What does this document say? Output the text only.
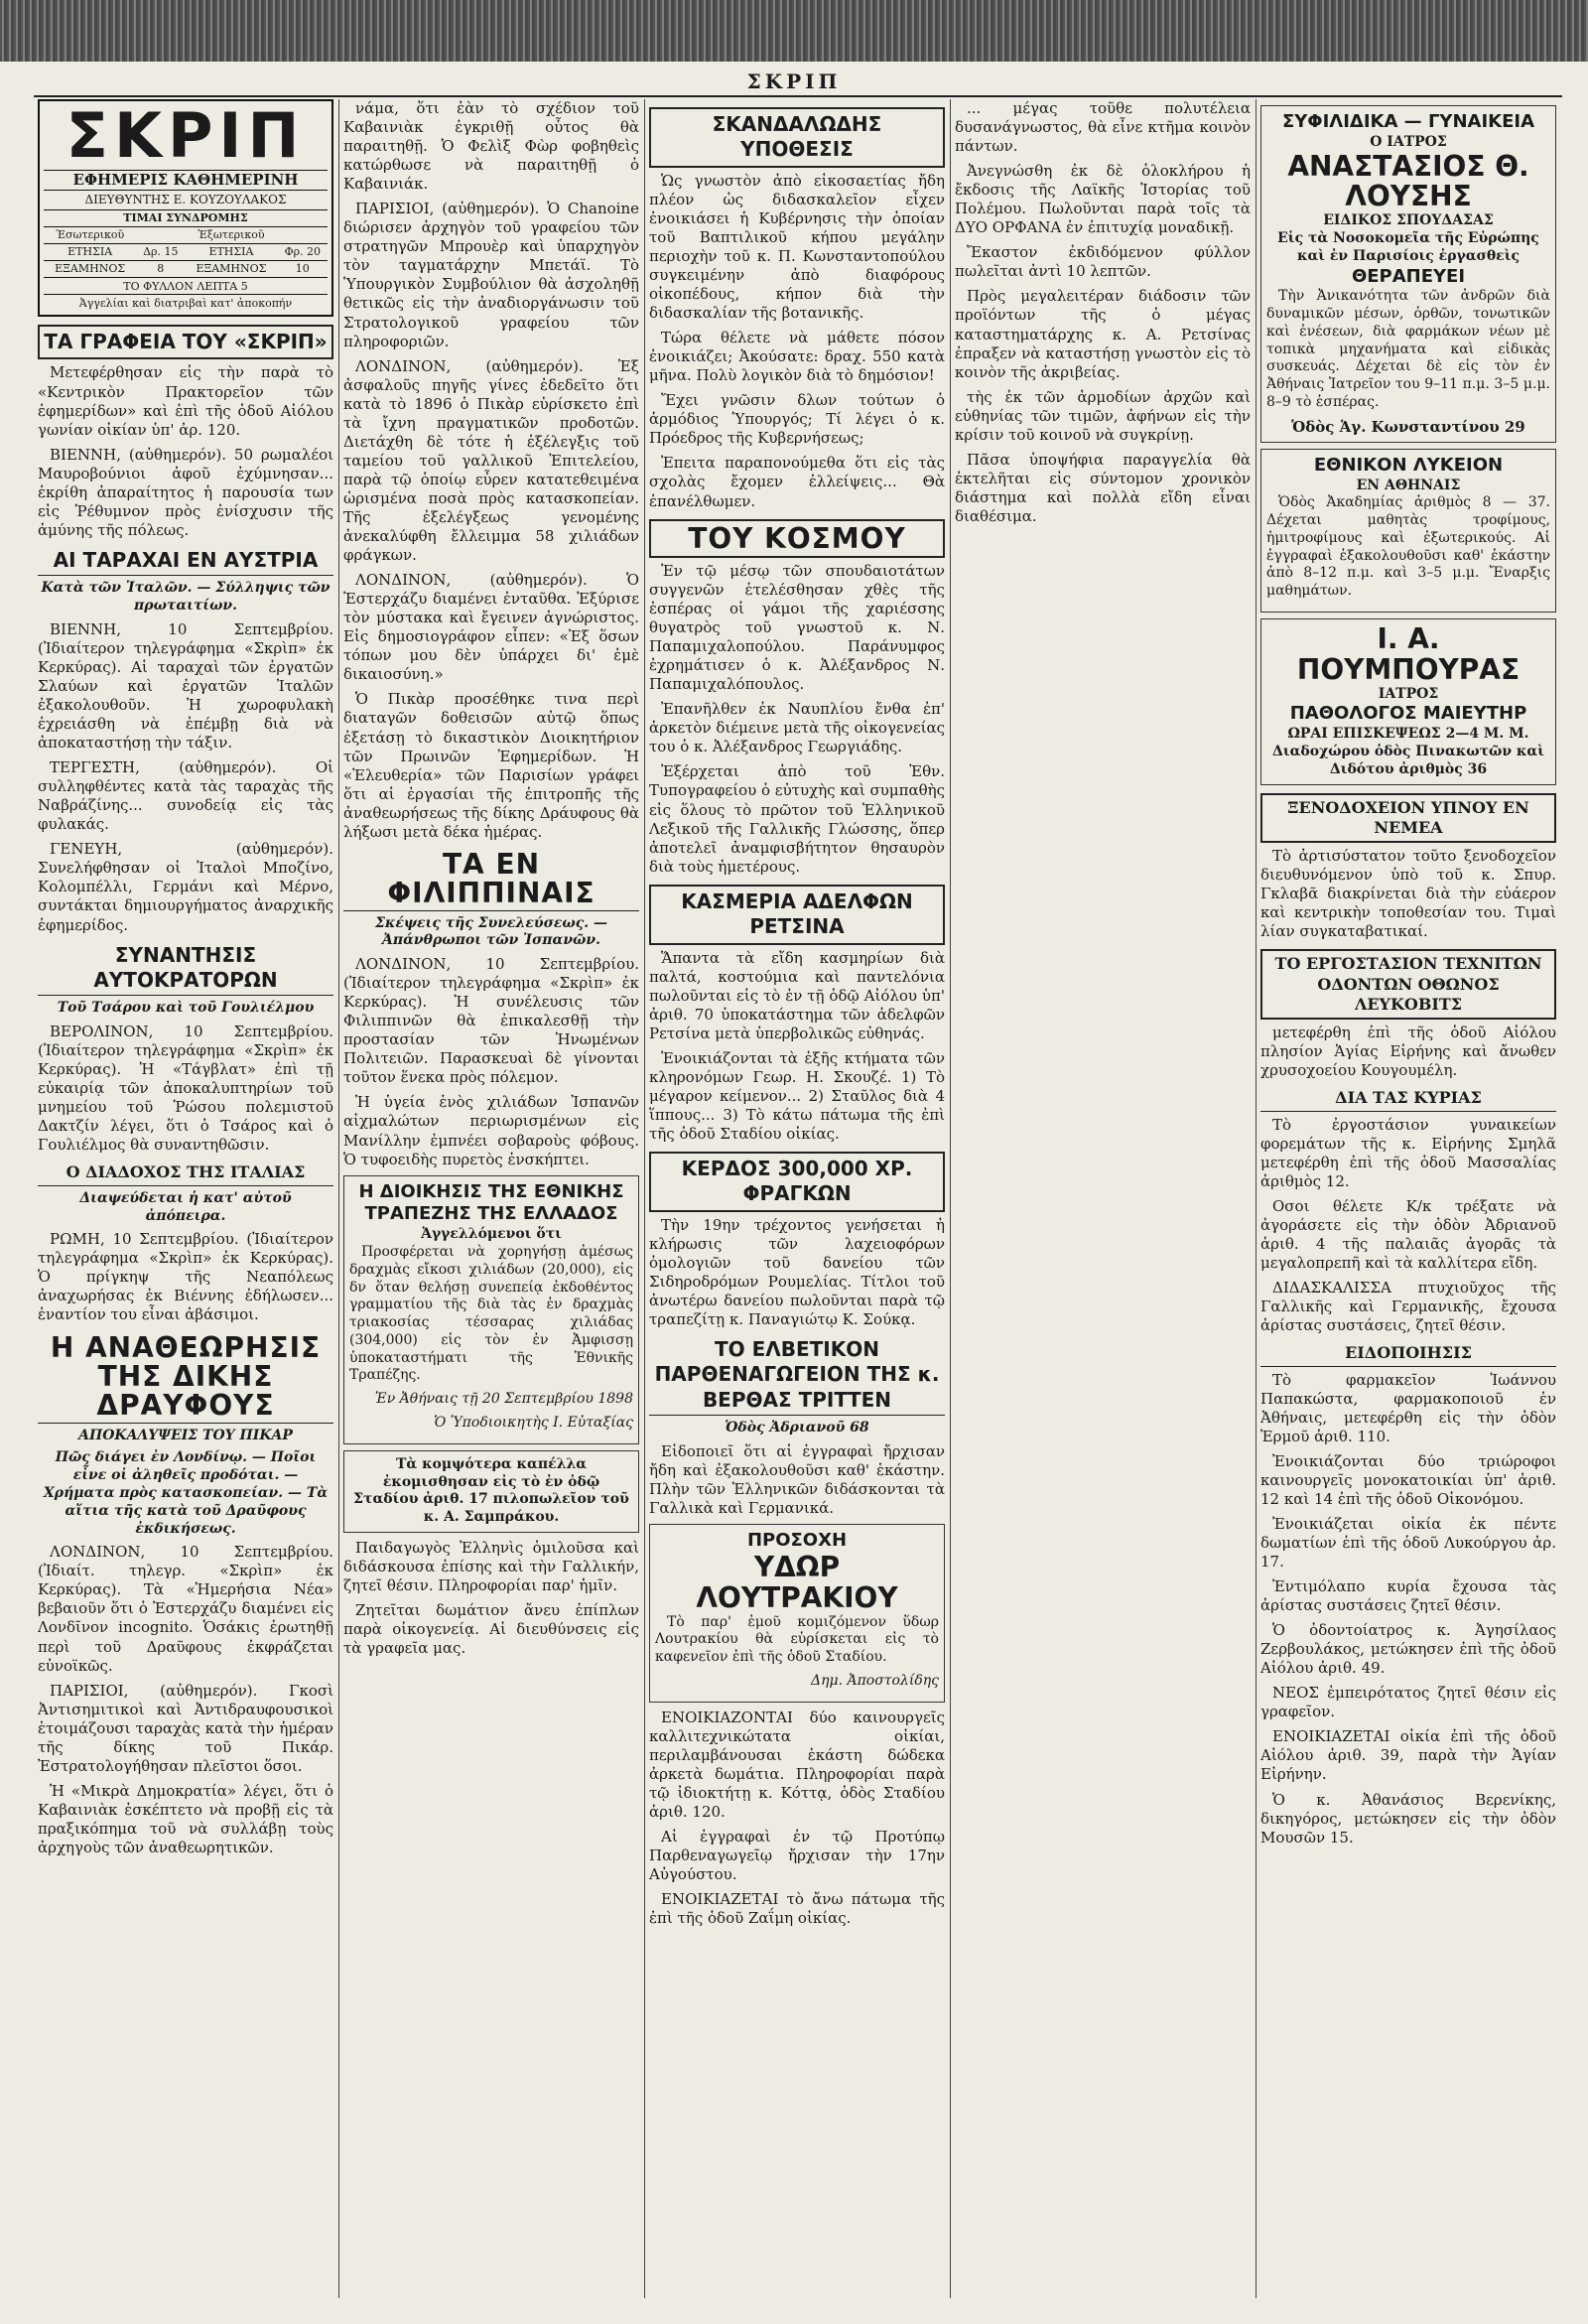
ΣΚΡΙΠ
ΣΚΡΙΠ
ΕΦΗΜΕΡΙΣ ΚΑΘΗΜΕΡΙΝΗ
ΔΙΕΥΘΥΝΤΗΣ Ε. ΚΟΥΖΟΥΛΑΚΟΣ
ΤΙΜΑΙ ΣΥΝΔΡΟΜΗΣ			
Έσωτερικοῦ		Ἐξωτερικοῦ	
ΕΤΗΣΙΑ	Δρ. 15	ΕΤΗΣΙΑ	Φρ. 20
ΕΞΑΜΗΝΟΣ	8	ΕΞΑΜΗΝΟΣ	10
ΤΟ ΦΥΛΛΟΝ ΛΕΠΤΑ 5
Ἀγγελίαι καὶ διατριβαὶ κατ' ἀποκοπήν
ΤΑ ΓΡΑΦΕΙΑ ΤΟΥ «ΣΚΡΙΠ»

Μετεφέρθησαν εἰς τὴν παρὰ τὸ «Κεντρικὸν Πρακτορεῖον τῶν ἐφημερίδων» καὶ ἐπὶ τῆς ὁδοῦ Αἰόλου γωνίαν οἰκίαν ὑπ' ἀρ. 120.

ΒΙΕΝΝΗ, (αὐθημερόν). 50 ρωμαλέοι Μαυροβούνιοι ἀφοῦ ἐχύμνησαν... ἐκρίθη ἀπαραίτητος ἡ παρουσία των εἰς Ῥέθυμνον πρὸς ἐνίσχυσιν τῆς ἀμύνης τῆς πόλεως.

ΑΙ ΤΑΡΑΧΑΙ ΕΝ ΑΥΣΤΡΙΑ
Κατὰ τῶν Ἰταλῶν. — Σύλληψις τῶν πρωταιτίων.

ΒΙΕΝΝΗ, 10 Σεπτεμβρίου. (Ἰδιαίτερον τηλεγράφημα «Σκρὶπ» ἐκ Κερκύρας). Αἱ ταραχαὶ τῶν ἐργατῶν Σλαύων καὶ ἐργατῶν Ἰταλῶν ἐξακολουθοῦν. Ἡ χωροφυλακὴ ἐχρειάσθη νὰ ἐπέμβῃ διὰ νὰ ἀποκαταστήσῃ τὴν τάξιν.

ΤΕΡΓΕΣΤΗ, (αὐθημερόν). Οἱ συλληφθέντες κατὰ τὰς ταραχὰς τῆς Ναβράζίνης... συνοδείᾳ εἰς τὰς φυλακάς.

ΓΕΝΕΥΗ, (αὐθημερόν). Συνελήφθησαν οἱ Ἰταλοὶ Μποζίνο, Κολομπέλλι, Γερμάνι καὶ Μέρνο, συντάκται δημιουργήματος ἀναρχικῆς ἐφημερίδος.

ΣΥΝΑΝΤΗΣΙΣ ΑΥΤΟΚΡΑΤΟΡΩΝ
Τοῦ Τσάρου καὶ τοῦ Γουλιέλμου

ΒΕΡΟΛΙΝΟΝ, 10 Σεπτεμβρίου. (Ἰδιαίτερον τηλεγράφημα «Σκρὶπ» ἐκ Κερκύρας). Ἡ «Τάγβλατ» ἐπὶ τῇ εὐκαιρίᾳ τῶν ἀποκαλυπτηρίων τοῦ μνημείου τοῦ Ῥώσου πολεμιστοῦ Δακτζίν λέγει, ὅτι ὁ Τσάρος καὶ ὁ Γουλιέλμος θὰ συναντηθῶσιν.

Ο ΔΙΑΔΟΧΟΣ ΤΗΣ ΙΤΑΛΙΑΣ
Διαψεύδεται ἡ κατ' αὐτοῦ ἀπόπειρα.

ΡΩΜΗ, 10 Σεπτεμβρίου. (Ἰδιαίτερον τηλεγράφημα «Σκρὶπ» ἐκ Κερκύρας). Ὁ πρίγκηψ τῆς Νεαπόλεως ἀναχωρήσας ἐκ Βιέννης ἐδήλωσεν... ἐναντίον του εἶναι ἀβάσιμοι.

Η ΑΝΑΘΕΩΡΗΣΙΣ ΤΗΣ ΔΙΚΗΣ ΔΡΑΥΦΟΥΣ
ΑΠΟΚΑΛΥΨΕΙΣ ΤΟΥ ΠΙΚΑΡ
Πῶς διάγει ἐν Λονδίνῳ. — Ποῖοι εἶνε οἱ ἀληθεῖς προδόται. — Χρήματα πρὸς κατασκοπείαν. — Τὰ αἴτια τῆς κατὰ τοῦ Δραῦφους ἐκδικήσεως.

ΛΟΝΔΙΝΟΝ, 10 Σεπτεμβρίου. (Ἰδιαίτ. τηλεγρ. «Σκρὶπ» ἐκ Κερκύρας). Τὰ «Ἡμερήσια Νέα» βεβαιοῦν ὅτι ὁ Ἐστερχάζυ διαμένει εἰς Λονδῖνον incognito. Ὁσάκις ἐρωτηθῇ περὶ τοῦ Δραῦφους ἐκφράζεται εὐνοϊκῶς.

ΠΑΡΙΣΙΟΙ, (αὐθημερόν). Γκοσὶ Ἀντισημιτικοὶ καὶ Ἀντιδραυφουσικοὶ ἑτοιμάζουσι ταραχὰς κατὰ τὴν ἡμέραν τῆς δίκης τοῦ Πικάρ. Ἐστρατολογήθησαν πλεῖστοι ὅσοι.

Ἡ «Μικρὰ Δημοκρατία» λέγει, ὅτι ὁ Καβαινιὰκ ἐσκέπτετο νὰ προβῇ εἰς τὰ πραξικόπημα τοῦ νὰ συλλάβῃ τοὺς ἀρχηγοὺς τῶν ἀναθεωρητικῶν.

νάμα, ὅτι ἐὰν τὸ σχέδιον τοῦ Καβαινιὰκ ἐγκριθῇ οὗτος θὰ παραιτηθῇ. Ὁ Φελὶξ Φὼρ φοβηθεὶς κατώρθωσε νὰ παραιτηθῇ ὁ Καβαινιάκ.

ΠΑΡΙΣΙΟΙ, (αὐθημερόν). Ὁ Chanoine διώρισεν ἀρχηγὸν τοῦ γραφείου τῶν στρατηγῶν Μπρουὲρ καὶ ὑπαρχηγὸν τὸν ταγματάρχην Μπετάϊ. Τὸ Ὑπουργικὸν Συμβούλιον θὰ ἀσχοληθῇ θετικῶς εἰς τὴν ἀναδιοργάνωσιν τοῦ Στρατολογικοῦ γραφείου τῶν πληροφοριῶν.

ΛΟΝΔΙΝΟΝ, (αὐθημερόν). Ἐξ ἀσφαλοῦς πηγῆς γίνες ἐδεδεῖτο ὅτι κατὰ τὸ 1896 ὁ Πικὰρ εὑρίσκετο ἐπὶ τὰ ἴχνη πραγματικῶν προδοτῶν. Διετάχθη δὲ τότε ἡ ἐξέλεγξις τοῦ ταμείου τοῦ γαλλικοῦ Ἐπιτελείου, παρὰ τῷ ὁποίῳ εὗρεν κατατεθειμένα ὡρισμένα ποσὰ πρὸς κατασκοπείαν. Τῆς ἐξελέγξεως γενομένης ἀνεκαλύφθη ἔλλειμμα 58 χιλιάδων φράγκων.

ΛΟΝΔΙΝΟΝ, (αὐθημερόν). Ὁ Ἐστερχάζυ διαμένει ἐνταῦθα. Ἐξύρισε τὸν μύστακα καὶ ἔγεινεν ἀγνώριστος. Εἰς δημοσιογράφον εἶπεν: «Ἐξ ὅσων τόπων μου δὲν ὑπάρχει δι' ἐμὲ δικαιοσύνη.»

Ὁ Πικὰρ προσέθηκε τινα περὶ διαταγῶν δοθεισῶν αὐτῷ ὅπως ἐξετάσῃ τὸ δικαστικὸν Διοικητήριον τῶν Πρωινῶν Ἐφημερίδων. Ἡ «Ἐλευθερία» τῶν Παρισίων γράφει ὅτι αἱ ἐργασίαι τῆς ἐπιτροπῆς τῆς ἀναθεωρήσεως τῆς δίκης Δράυφους θὰ λήξωσι μετὰ δέκα ἡμέρας.

ΤΑ ΕΝ ΦΙΛΙΠΠΙΝΑΙΣ
Σκέψεις τῆς Συνελεύσεως. — Ἀπάνθρωποι τῶν Ἰσπανῶν.

ΛΟΝΔΙΝΟΝ, 10 Σεπτεμβρίου. (Ἰδιαίτερον τηλεγράφημα «Σκρὶπ» ἐκ Κερκύρας). Ἡ συνέλευσις τῶν Φιλιππινῶν θὰ ἐπικαλεσθῇ τὴν προστασίαν τῶν Ἡνωμένων Πολιτειῶν. Παρασκευαὶ δὲ γίνονται τοῦτον ἕνεκα πρὸς πόλεμον.

Ἡ ὑγεία ἑνὸς χιλιάδων Ἰσπανῶν αἰχμαλώτων περιωρισμένων εἰς Μανίλλην ἐμπνέει σοβαροὺς φόβους. Ὁ τυφοειδὴς πυρετὸς ἐνσκήπτει.

Η ΔΙΟΙΚΗΣΙΣ ΤΗΣ ΕΘΝΙΚΗΣ ΤΡΑΠΕΖΗΣ ΤΗΣ ΕΛΛΑΔΟΣ
Ἀγγελλόμενοι ὅτι

Προσφέρεται νὰ χορηγήσῃ ἀμέσως δραχμὰς εἴκοσι χιλιάδων (20,000), εἰς δν ὅταν θελήσῃ συνεπείᾳ ἐκδοθέντος γραμματίου τῆς διὰ τὰς ἐν δραχμὰς τριακοσίας τέσσαρας χιλιάδας (304,000) εἰς τὸν ἐν Ἀμφισσῃ ὑποκαταστήματι τῆς Ἐθνικῆς Τραπέζης.

Ἐν Ἀθήναις τῇ 20 Σεπτεμβρίου 1898
Ὁ Ὑποδιοικητὴς Ι. Εὐταξίας
Τὰ κομψότερα καπέλλα ἐκομισθησαν εἰς τὸ ἐν ὁδῷ Σταδίου ἀριθ. 17 πιλοπωλεῖον τοῦ κ. Α. Σαμπράκου.

Παιδαγωγὸς Ἑλληνὶς ὁμιλοῦσα καὶ διδάσκουσα ἐπίσης καὶ τὴν Γαλλικήν, ζητεῖ θέσιν. Πληροφορίαι παρ' ἡμῖν.

Ζητεῖται δωμάτιον ἄνευ ἐπίπλων παρὰ οἰκογενείᾳ. Αἱ διευθύνσεις εἰς τὰ γραφεῖα μας.

ΣΚΑΝΔΑΛΩΔΗΣ ΥΠΟΘΕΣΙΣ

Ὡς γνωστὸν ἀπὸ εἰκοσαετίας ἤδη πλέον ὡς διδασκαλεῖον εἶχεν ἐνοικιάσει ἡ Κυβέρνησις τὴν ὁποίαν τοῦ Βαπτιλικοῦ κήπου μεγάλην περιοχὴν τοῦ κ. Π. Κωνσταντοπούλου συγκειμένην ἀπὸ διαφόρους οἰκοπέδους, κήπον διὰ τὴν διδασκαλίαν τῆς βοτανικῆς.

Τώρα θέλετε νὰ μάθετε πόσον ἐνοικιάζει; Ἀκούσατε: δραχ. 550 κατὰ μῆνα. Πολὺ λογικὸν διὰ τὸ δημόσιον!

Ἔχει γνῶσιν δλων τούτων ὁ ἁρμόδιος Ὑπουργός; Τί λέγει ὁ κ. Πρόεδρος τῆς Κυβερνήσεως;

Ἐπειτα παραπονούμεθα ὅτι εἰς τὰς σχολὰς ἔχομεν ἐλλείψεις... Θὰ ἐπανέλθωμεν.

ΤΟΥ ΚΟΣΜΟΥ

Ἐν τῷ μέσῳ τῶν σπουδαιοτάτων συγγενῶν ἐτελέσθησαν χθὲς τῆς ἑσπέρας οἱ γάμοι τῆς χαριέσσης θυγατρὸς τοῦ γνωστοῦ κ. Ν. Παπαμιχαλοπούλου. Παράνυμφος ἐχρημάτισεν ὁ κ. Ἀλέξανδρος Ν. Παπαμιχαλόπουλος.

Ἐπανῆλθεν ἐκ Ναυπλίου ἔνθα ἐπ' ἀρκετὸν διέμεινε μετὰ τῆς οἰκογενείας του ὁ κ. Ἀλέξανδρος Γεωργιάδης.

Ἐξέρχεται ἀπὸ τοῦ Ἐθν. Τυπογραφείου ὁ εὐτυχὴς καὶ συμπαθὴς εἰς ὅλους τὸ πρῶτον τοῦ Ἑλληνικοῦ Λεξικοῦ τῆς Γαλλικῆς Γλώσσης, ὅπερ ἀποτελεῖ ἀναμφισβήτητον θησαυρὸν διὰ τοὺς ἡμετέρους.

ΚΑΣΜΕΡΙΑ ΑΔΕΛΦΩΝ ΡΕΤΣΙΝΑ

Ἅπαντα τὰ εἴδη κασμηρίων διὰ παλτά, κοστούμια καὶ παντελόνια πωλοῦνται εἰς τὸ ἐν τῇ ὁδῷ Αἰόλου ὑπ' ἀριθ. 70 ὑποκατάστημα τῶν ἀδελφῶν Ρετσίνα μετὰ ὑπερβολικῶς εὐθηνάς.

Ἐνοικιάζονται τὰ ἐξῆς κτήματα τῶν κληρονόμων Γεωρ. Η. Σκουζέ. 1) Τὸ μέγαρον κείμενον... 2) Σταῦλος διὰ 4 ἵππους... 3) Τὸ κάτω πάτωμα τῆς ἐπὶ τῆς ὁδοῦ Σταδίου οἰκίας.

ΚΕΡΔΟΣ 300,000 ΧΡ. ΦΡΑΓΚΩΝ

Τὴν 19ην τρέχοντος γενήσεται ἡ κλήρωσις τῶν λαχειοφόρων ὁμολογιῶν τοῦ δανείου τῶν Σιδηροδρόμων Ρουμελίας. Τίτλοι τοῦ ἀνωτέρω δανείου πωλοῦνται παρὰ τῷ τραπεζίτῃ κ. Παναγιώτῳ Κ. Σούκᾳ.

ΤΟ ΕΛΒΕΤΙΚΟΝ ΠΑΡΘΕΝΑΓΩΓΕΙΟΝ ΤΗΣ κ. ΒΕΡΘΑΣ ΤΡΙΤΤΕΝ
Ὁδὸς Ἀδριανοῦ 68

Εἰδοποιεῖ ὅτι αἱ ἐγγραφαὶ ἤρχισαν ἤδη καὶ ἐξακολουθοῦσι καθ' ἑκάστην. Πλὴν τῶν Ἑλληνικῶν διδάσκονται τὰ Γαλλικὰ καὶ Γερμανικά.

ΠΡΟΣΟΧΗ
ΥΔΩΡ ΛΟΥΤΡΑΚΙΟΥ

Τὸ παρ' ἐμοῦ κομιζόμενον ὕδωρ Λουτρακίου θὰ εὑρίσκεται εἰς τὸ καφενεῖον ἐπὶ τῆς ὁδοῦ Σταδίου.

Δημ. Ἀποστολίδης

ΕΝΟΙΚΙΑΖΟΝΤΑΙ δύο καινουργεῖς καλλιτεχνικώτατα οἰκίαι, περιλαμβάνουσαι ἑκάστη δώδεκα ἀρκετὰ δωμάτια. Πληροφορίαι παρὰ τῷ ἰδιοκτήτῃ κ. Κόττᾳ, ὁδὸς Σταδίου ἀριθ. 120.

Αἱ ἐγγραφαὶ ἐν τῷ Προτύπῳ Παρθεναγωγεῖῳ ἤρχισαν τὴν 17ην Αὐγούστου.

ΕΝΟΙΚΙΑΖΕΤΑΙ τὸ ἄνω πάτωμα τῆς ἐπὶ τῆς ὁδοῦ Ζαΐμη οἰκίας.

... μέγας τοῦθε πολυτέλεια δυσανάγνωστος, θὰ εἶνε κτῆμα κοινὸν πάντων.

Ἀνεγνώσθη ἐκ δὲ ὁλοκλήρου ἡ ἔκδοσις τῆς Λαϊκῆς Ἱστορίας τοῦ Πολέμου. Πωλοῦνται παρὰ τοῖς τὰ ΔΥΟ ΟΡΦΑΝΑ ἐν ἐπιτυχίᾳ μοναδικῇ.

Ἔκαστον ἐκδιδόμενον φύλλον πωλεῖται ἀντὶ 10 λεπτῶν.

Πρὸς μεγαλειτέραν διάδοσιν τῶν προϊόντων τῆς ὁ μέγας καταστηματάρχης κ. Α. Ρετσίνας ἐπραξεν νὰ καταστήσῃ γνωστὸν εἰς τὸ κοινὸν τῆς ἀκριβείας.

τὴς ἐκ τῶν ἁρμοδίων ἀρχῶν καὶ εὐθηνίας τῶν τιμῶν, ἀφήνων εἰς τὴν κρίσιν τοῦ κοινοῦ νὰ συγκρίνῃ.

Πᾶσα ὑποψήφια παραγγελία θὰ ἐκτελῆται εἰς σύντομον χρονικὸν διάστημα καὶ πολλὰ εἴδη εἶναι διαθέσιμα.

ΣΥΦΙΛΙΔΙΚΑ — ΓΥΝΑΙΚΕΙΑ
Ο ΙΑΤΡΟΣ
ΑΝΑΣΤΑΣΙΟΣ Θ. ΛΟΥΣΗΣ
ΕΙΔΙΚΟΣ ΣΠΟΥΔΑΣΑΣ
Εἰς τὰ Νοσοκομεῖα τῆς Εὐρώπης καὶ ἐν Παρισίοις ἐργασθεὶς
ΘΕΡΑΠΕΥΕΙ

Τὴν Ἀνικανότητα τῶν ἀνδρῶν διὰ δυναμικῶν μέσων, ὀρθῶν, τονωτικῶν καὶ ἐνέσεων, διὰ φαρμάκων νέων μὲ τοπικὰ μηχανήματα καὶ εἰδικὰς συσκευάς. Δέχεται δὲ εἰς τὸν ἐν Ἀθήναις Ἰατρεῖον του 9–11 π.μ. 3–5 μ.μ. 8–9 τὸ ἑσπέρας.

Ὁδὸς Ἁγ. Κωνσταντίνου 29
ΕΘΝΙΚΟΝ ΛΥΚΕΙΟΝ
ΕΝ ΑΘΗΝΑΙΣ

Ὁδὸς Ἀκαδημίας ἀριθμὸς 8 — 37. Δέχεται μαθητὰς τροφίμους, ἡμιτροφίμους καὶ ἐξωτερικούς. Αἱ ἐγγραφαὶ ἐξακολουθοῦσι καθ' ἑκάστην ἀπὸ 8–12 π.μ. καὶ 3–5 μ.μ. Ἔναρξις μαθημάτων.

Ι. Α. ΠΟΥΜΠΟΥΡΑΣ
ΙΑΤΡΟΣ
ΠΑΘΟΛΟΓΟΣ ΜΑΙΕΥΤΗΡ
ΩΡΑΙ ΕΠΙΣΚΕΨΕΩΣ 2—4 Μ. Μ.
Διαδοχώρου ὁδὸς Πινακωτῶν καὶ Διδότου ἀριθμὸς 36
ΞΕΝΟΔΟΧΕΙΟΝ ΥΠΝΟΥ ΕΝ ΝΕΜΕΑ

Τὸ ἀρτισύστατον τοῦτο ξενοδοχεῖον διευθυνόμενον ὑπὸ τοῦ κ. Σπυρ. Γκλαβᾶ διακρίνεται διὰ τὴν εὐάερον καὶ κεντρικὴν τοποθεσίαν του. Τιμαὶ λίαν συγκαταβατικαί.

ΤΟ ΕΡΓΟΣΤΑΣΙΟΝ ΤΕΧΝΙΤΩΝ ΟΔΟΝΤΩΝ ΟΘΩΝΟΣ ΛΕΥΚΟΒΙΤΣ

μετεφέρθη ἐπὶ τῆς ὁδοῦ Αἰόλου πλησίον Ἁγίας Εἰρήνης καὶ ἄνωθεν χρυσοχοείου Κουγουμέλη.

ΔΙΑ ΤΑΣ ΚΥΡΙΑΣ

Τὸ ἐργοστάσιον γυναικείων φορεμάτων τῆς κ. Εἰρήνης Σμηλᾶ μετεφέρθη ἐπὶ τῆς ὁδοῦ Μασσαλίας ἀριθμὸς 12.

Οσοι θέλετε Κ/κ τρέξατε νὰ ἀγοράσετε εἰς τὴν ὁδὸν Ἀδριανοῦ ἀριθ. 4 τῆς παλαιᾶς ἀγορᾶς τὰ μεγαλοπρεπῆ καὶ τὰ καλλίτερα εἴδη.

ΔΙΔΑΣΚΑΛΙΣΣΑ πτυχιοῦχος τῆς Γαλλικῆς καὶ Γερμανικῆς, ἔχουσα ἀρίστας συστάσεις, ζητεῖ θέσιν.

ΕΙΔΟΠΟΙΗΣΙΣ

Τὸ φαρμακεῖον Ἰωάννου Παπακώστα, φαρμακοποιοῦ ἐν Ἀθήναις, μετεφέρθη εἰς τὴν ὁδὸν Ἑρμοῦ ἀριθ. 110.

Ἐνοικιάζονται δύο τριώροφοι καινουργεῖς μονοκατοικίαι ὑπ' ἀριθ. 12 καὶ 14 ἐπὶ τῆς ὁδοῦ Οἰκονόμου.

Ἐνοικιάζεται οἰκία ἐκ πέντε δωματίων ἐπὶ τῆς ὁδοῦ Λυκούργου ἀρ. 17.

Ἐντιμόλαπο κυρία ἔχουσα τὰς ἀρίστας συστάσεις ζητεῖ θέσιν.

Ὁ ὀδοντοίατρος κ. Ἀγησίλαος Ζερβουλάκος, μετώκησεν ἐπὶ τῆς ὁδοῦ Αἰόλου ἀριθ. 49.

ΝΕΟΣ ἐμπειρότατος ζητεῖ θέσιν εἰς γραφεῖον.

ΕΝΟΙΚΙΑΖΕΤΑΙ οἰκία ἐπὶ τῆς ὁδοῦ Αἰόλου ἀριθ. 39, παρὰ τὴν Ἁγίαν Εἰρήνην.

Ὁ κ. Ἀθανάσιος Βερενίκης, δικηγόρος, μετώκησεν εἰς τὴν ὁδὸν Μουσῶν 15.
